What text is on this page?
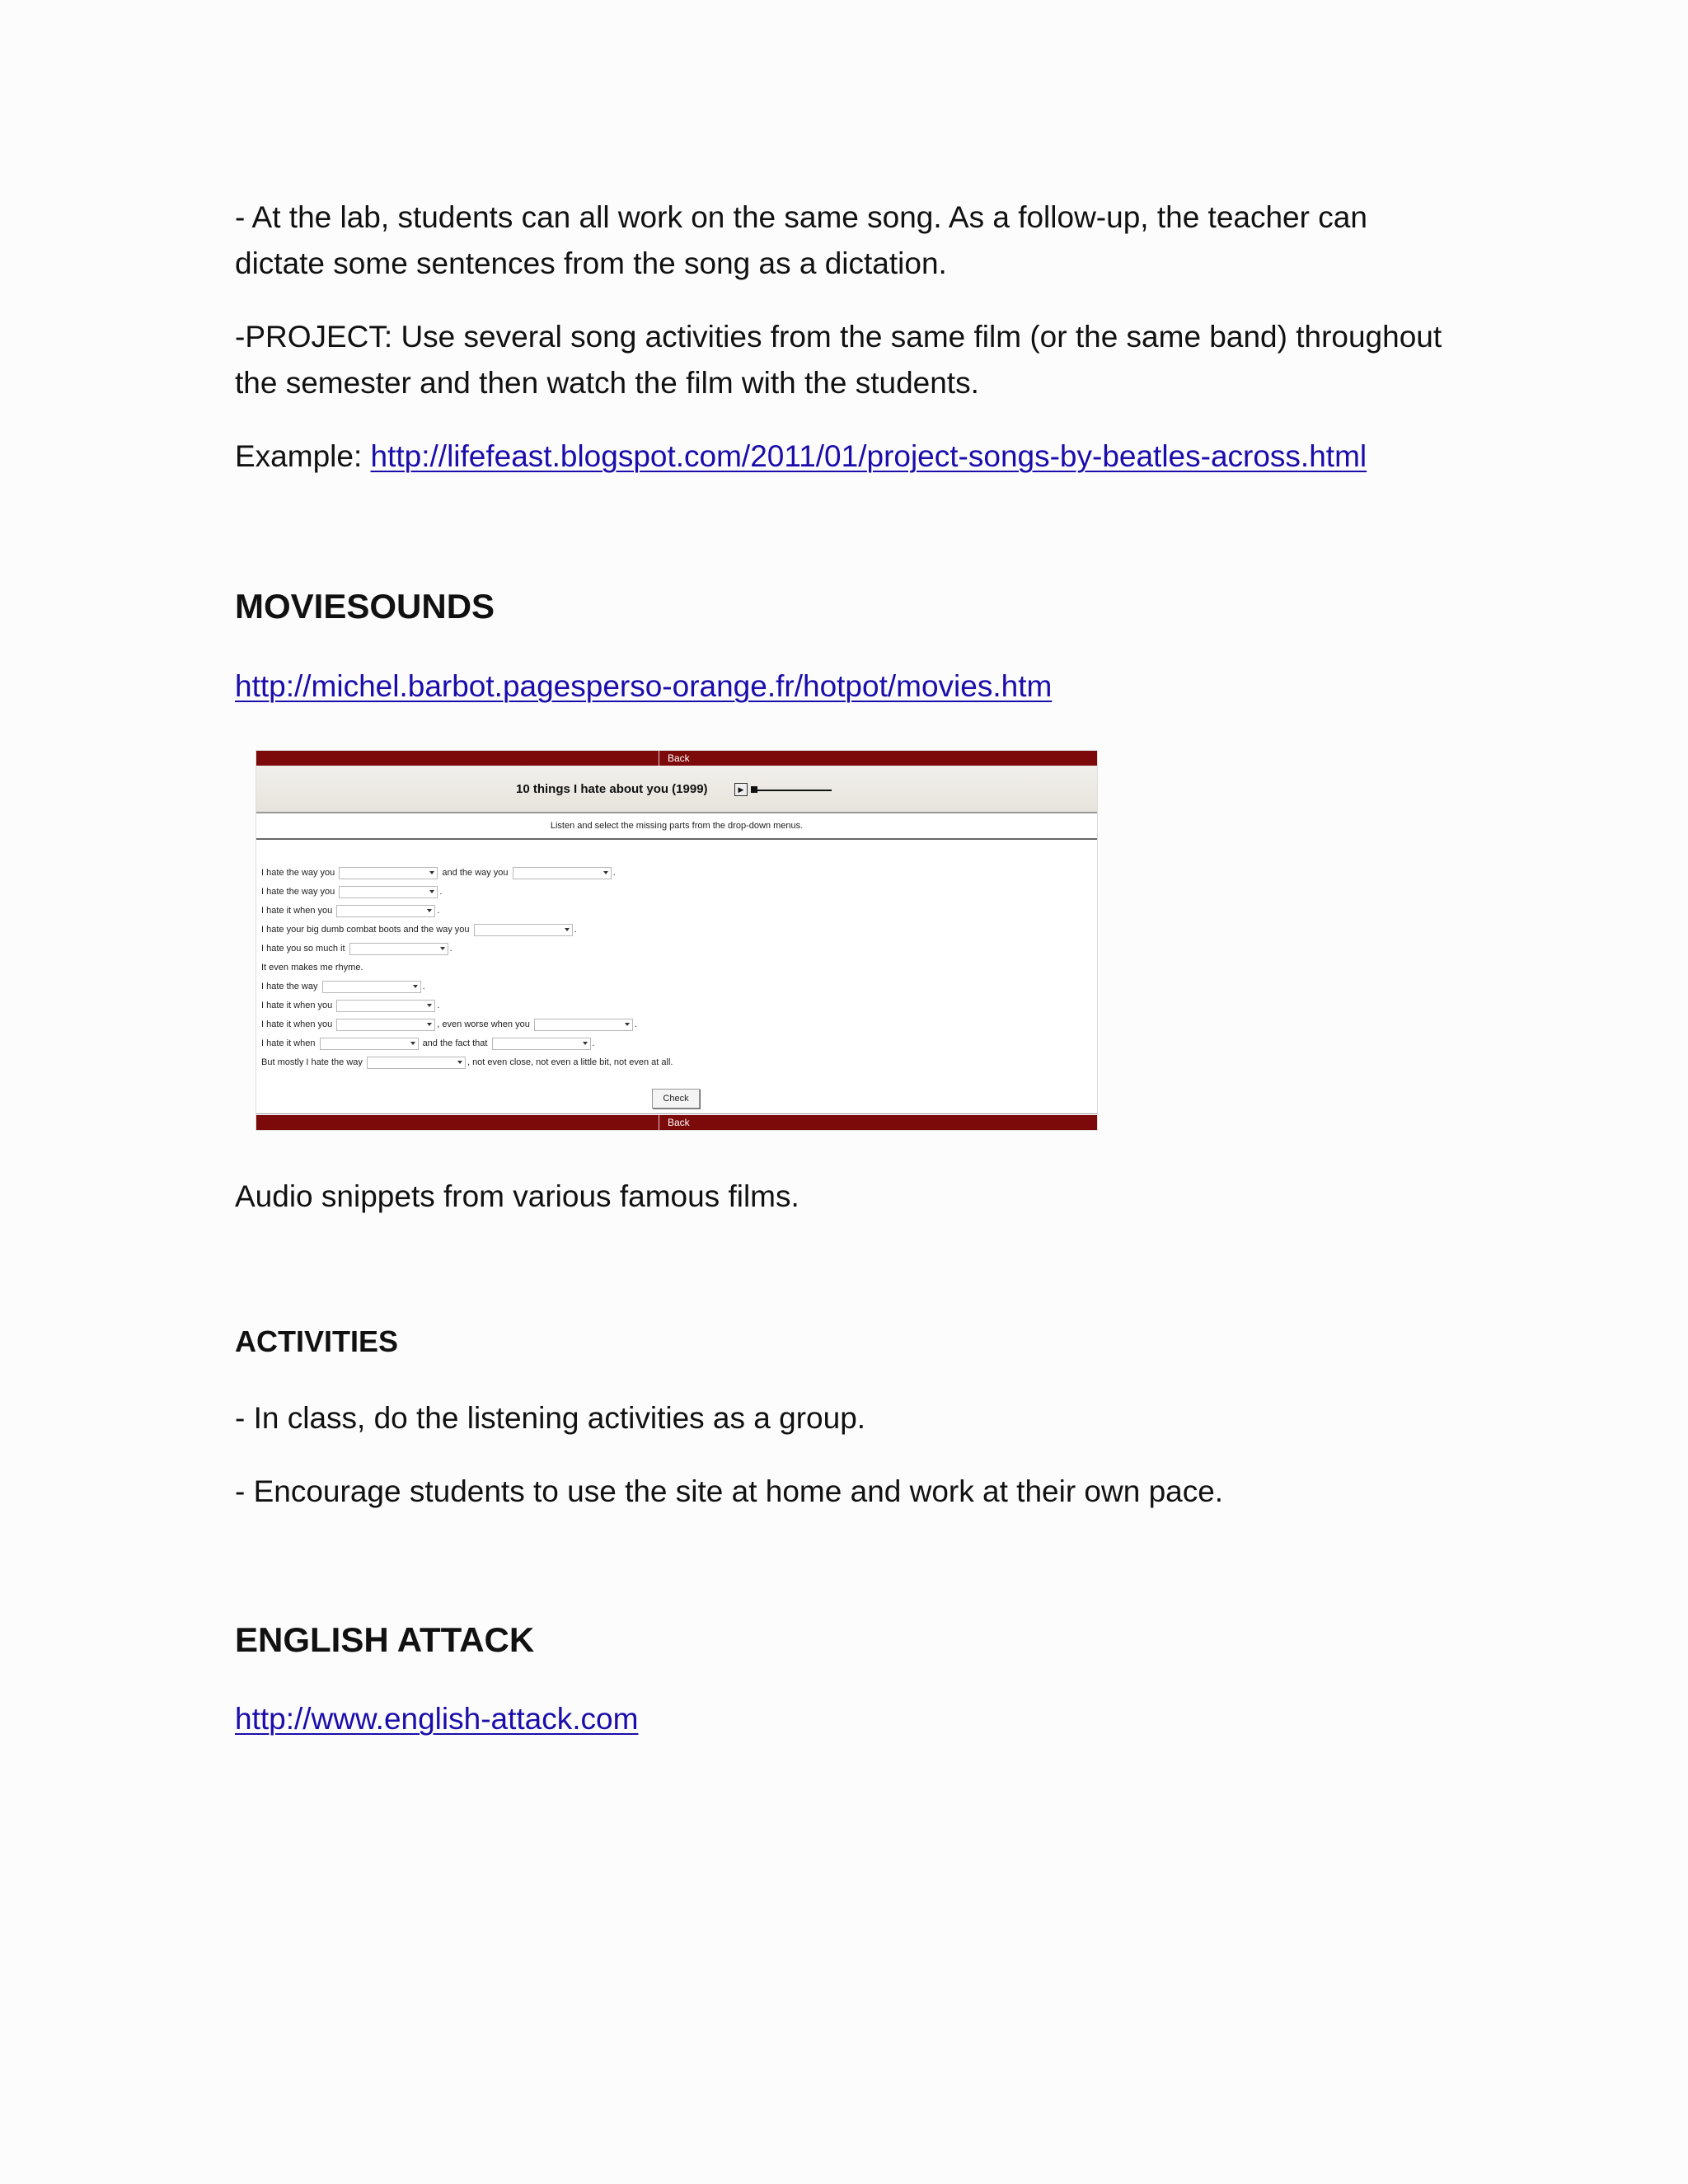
- At the lab, students can all work on the same song. As a follow-up, the teacher can

dictate some sentences from the song as a dictation.

-PROJECT: Use several song activities from the same film (or the same band) throughout

the semester and then watch the film with the students.

Example: http://lifefeast.blogspot.com/2011/01/project-songs-by-beatles-across.html

MOVIESOUNDS

http://michel.barbot.pagesperso-orange.fr/hotpot/movies.htm

Back
10 things I hate about you (1999)	▶
Listen and select the missing parts from the drop-down menus.
I hate the way you	and the way you	.
I hate the way you	.
I hate it when you	.
I hate your big dumb combat boots and the way you	.
I hate you so much it	.
It even makes me rhyme.
I hate the way	.
I hate it when you	.
I hate it when you	, even worse when you	.
I hate it when	and the fact that	.
But mostly I hate the way	, not even close, not even a little bit, not even at all.
Check
Back

Audio snippets from various famous films.

ACTIVITIES

- In class, do the listening activities as a group.

- Encourage students to use the site at home and work at their own pace.

ENGLISH ATTACK

http://www.english-attack.com
